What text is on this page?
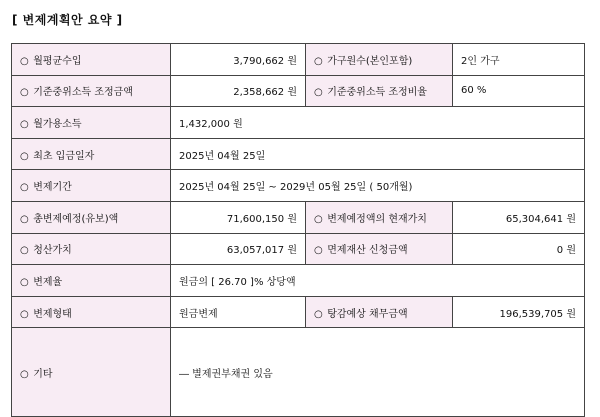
[ 변제계획안 요약 ]
○ 월평균수입	3,790,662 원	○ 가구원수(본인포함)	2인 가구
○ 기준중위소득 조정금액	2,358,662 원	○ 기준중위소득 조정비율	60 %
○ 월가용소득	1,432,000 원		
○ 최초 입금일자	2025년 04월 25일		
○ 변제기간	2025년 04월 25일 ~ 2029년 05월 25일 ( 50개월)		
○ 총변제예정(유보)액	71,600,150 원	○ 변제예정액의 현재가치	65,304,641 원
○ 청산가치	63,057,017 원	○ 면제재산 신청금액	0 원
○ 변제율	원금의 [ 26.70 ]% 상당액		
○ 변제형태	원금변제	○ 탕감예상 채무금액	196,539,705 원
○ 기타	― 별제권부채권 있음		
